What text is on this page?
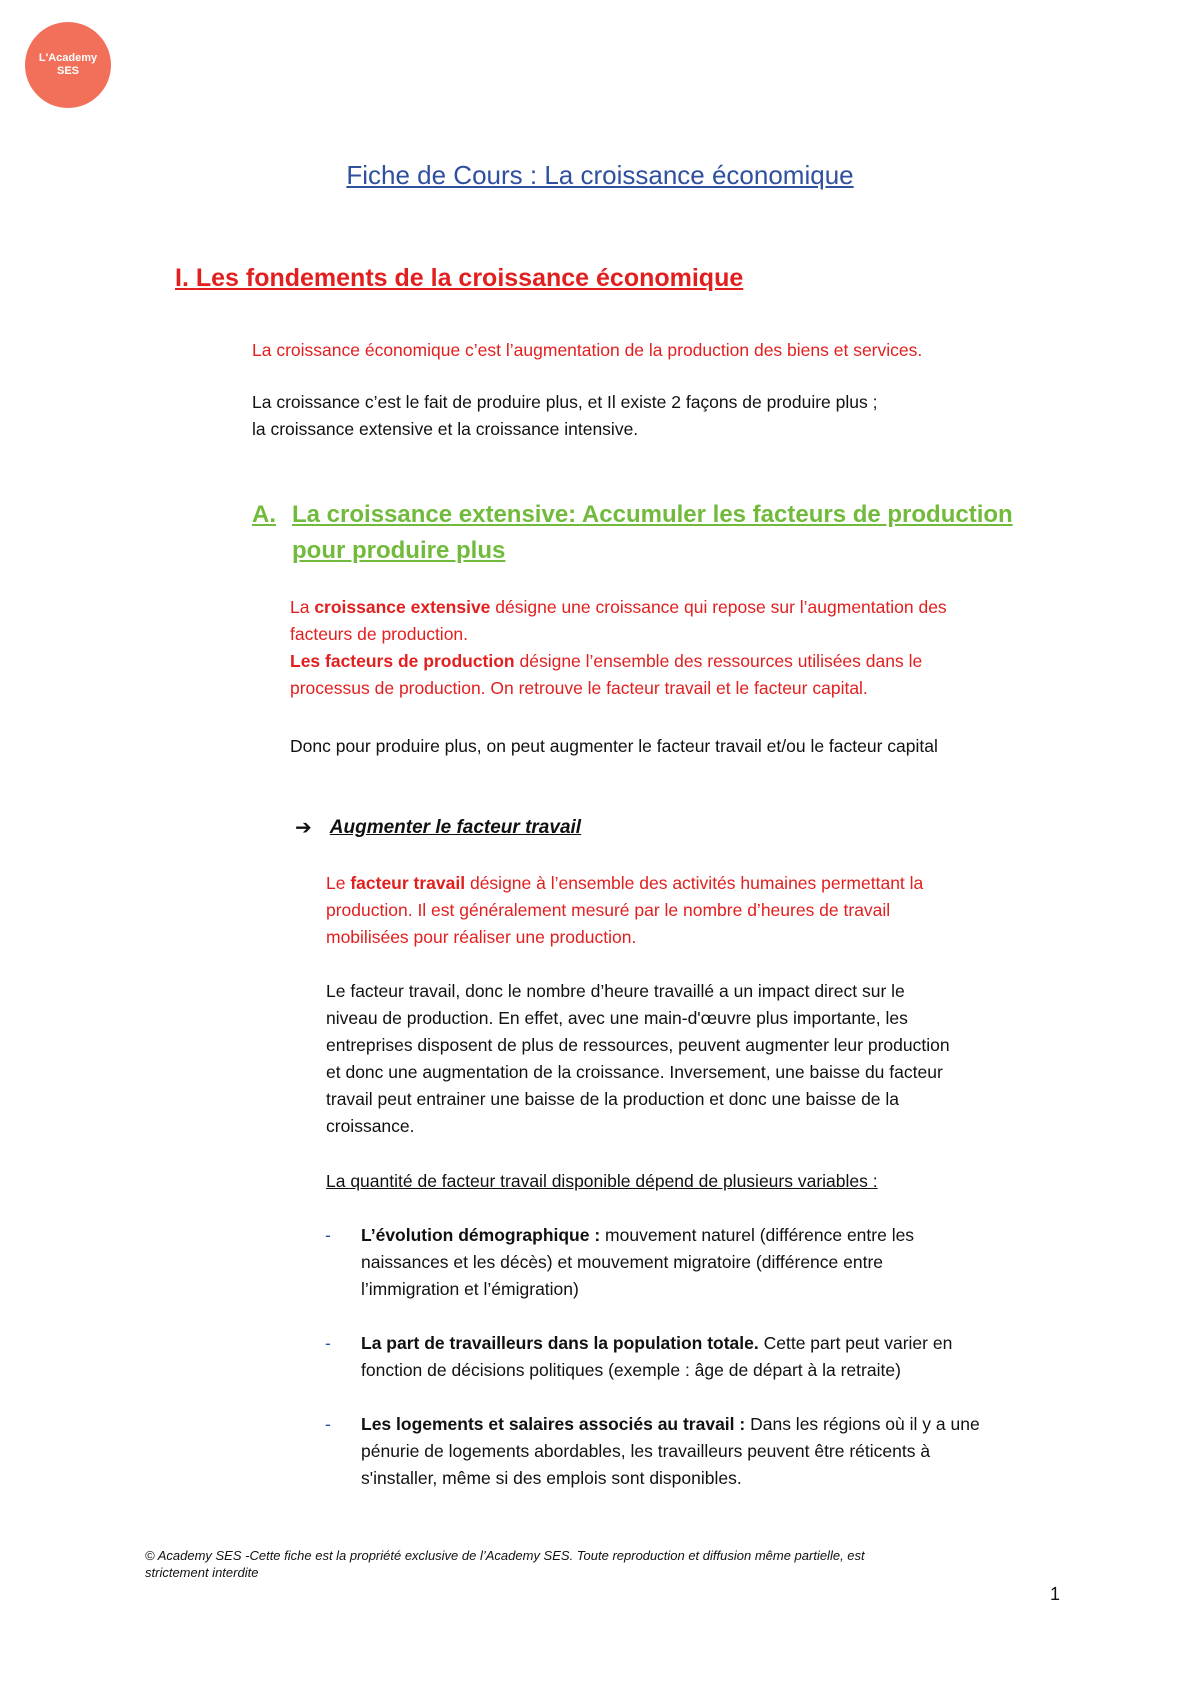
L'Academy
SES
Fiche de Cours : La croissance économique
I. Les fondements de la croissance économique

La croissance économique c’est l’augmentation de la production des biens et services.

La croissance c’est le fait de produire plus, et Il existe 2 façons de produire plus ;

la croissance extensive et la croissance intensive.

A. La croissance extensive: Accumuler les facteurs de production
pour produire plus

La croissance extensive désigne une croissance qui repose sur l’augmentation des

facteurs de production.

Les facteurs de production désigne l’ensemble des ressources utilisées dans le

processus de production. On retrouve le facteur travail et le facteur capital.

Donc pour produire plus, on peut augmenter le facteur travail et/ou le facteur capital

➔ Augmenter le facteur travail

Le facteur travail désigne à l’ensemble des activités humaines permettant la

production. Il est généralement mesuré par le nombre d’heures de travail

mobilisées pour réaliser une production.

Le facteur travail, donc le nombre d’heure travaillé a un impact direct sur le

niveau de production. En effet, avec une main-d'œuvre plus importante, les

entreprises disposent de plus de ressources, peuvent augmenter leur production

et donc une augmentation de la croissance. Inversement, une baisse du facteur

travail peut entrainer une baisse de la production et donc une baisse de la

croissance.

La quantité de facteur travail disponible dépend de plusieurs variables :

- L’évolution démographique : mouvement naturel (différence entre les
naissances et les décès) et mouvement migratoire (différence entre
l’immigration et l’émigration)
- La part de travailleurs dans la population totale. Cette part peut varier en
fonction de décisions politiques (exemple : âge de départ à la retraite)
- Les logements et salaires associés au travail : Dans les régions où il y a une
pénurie de logements abordables, les travailleurs peuvent être réticents à
s'installer, même si des emplois sont disponibles.
© Academy SES -Cette fiche est la propriété exclusive de l’Academy SES. Toute reproduction et diffusion même partielle, est
strictement interdite
1
